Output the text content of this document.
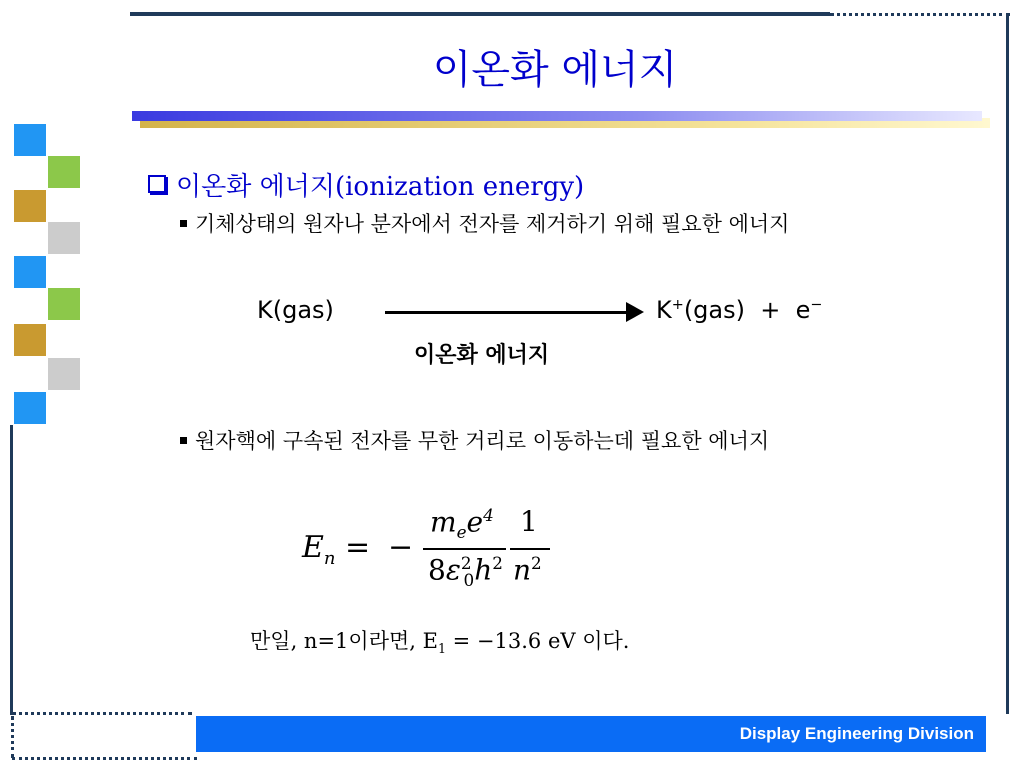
이온화 에너지
이온화 에너지(ionization energy)
기체상태의 원자나 분자에서 전자를 제거하기 위해 필요한 에너지
K(gas)	K+(gas) + e−
이온화 에너지
원자핵에 구속된 전자를 무한 거리로 이동하는데 필요한 에너지
$E_n$ = −
$m_ee^4$
$8\varepsilon^2_0h^2$
1
$n^2$
만일, n=1이라면, $E_1 = -13.6$ eV 이다.
Display Engineering Division
